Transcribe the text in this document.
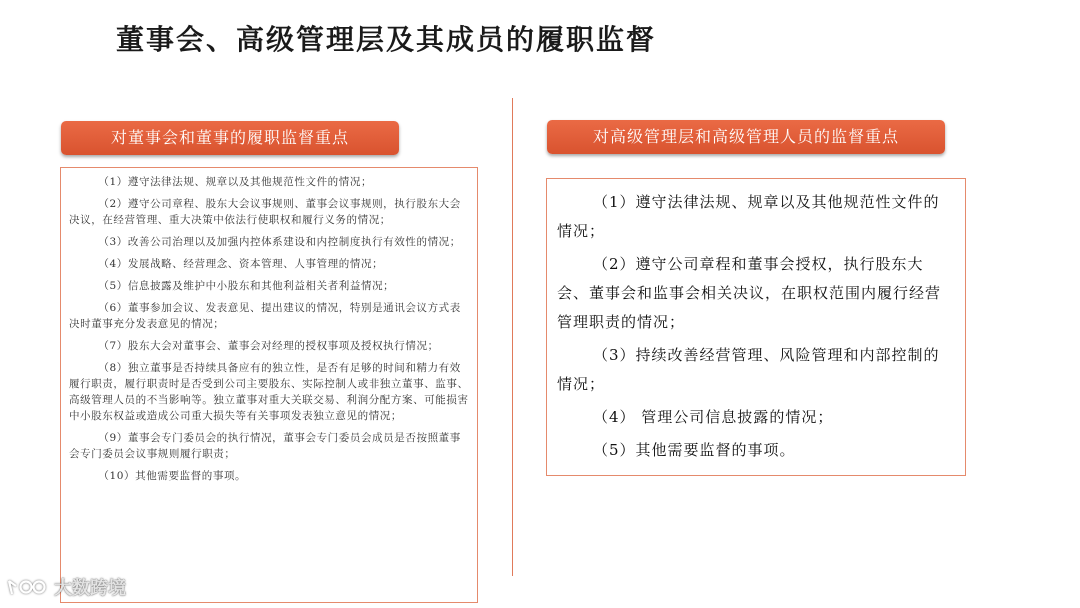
董事会、高级管理层及其成员的履职监督
对董事会和董事的履职监督重点

（1）遵守法律法规、规章以及其他规范性文件的情况；

（2）遵守公司章程、股东大会议事规则、董事会议事规则，执行股东大会决议，在经营管理、重大决策中依法行使职权和履行义务的情况；

（3）改善公司治理以及加强内控体系建设和内控制度执行有效性的情况；

（4）发展战略、经营理念、资本管理、人事管理的情况；

（5）信息披露及维护中小股东和其他利益相关者利益情况；

（6）董事参加会议、发表意见、提出建议的情况，特别是通讯会议方式表决时董事充分发表意见的情况；

（7）股东大会对董事会、董事会对经理的授权事项及授权执行情况；

（8）独立董事是否持续具备应有的独立性，是否有足够的时间和精力有效履行职责，履行职责时是否受到公司主要股东、实际控制人或非独立董事、监事、高级管理人员的不当影响等。独立董事对重大关联交易、利润分配方案、可能损害中小股东权益或造成公司重大损失等有关事项发表独立意见的情况；

（9）董事会专门委员会的执行情况，董事会专门委员会成员是否按照董事会专门委员会议事规则履行职责；

（10）其他需要监督的事项。

对高级管理层和高级管理人员的监督重点

（1）遵守法律法规、规章以及其他规范性文件的情况；

（2）遵守公司章程和董事会授权，执行股东大会、董事会和监事会相关决议，在职权范围内履行经营管理职责的情况；

（3）持续改善经营管理、风险管理和内部控制的情况；

（4） 管理公司信息披露的情况；

（5）其他需要监督的事项。

大数跨境
